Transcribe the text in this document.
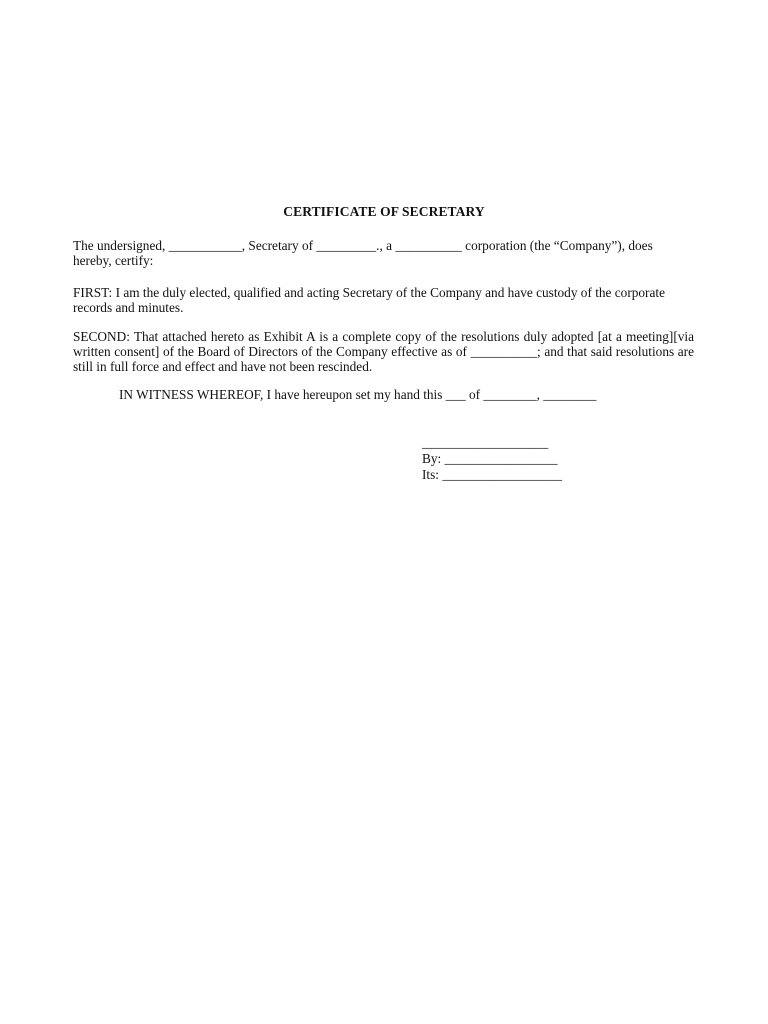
CERTIFICATE OF SECRETARY

The undersigned, ___________, Secretary of _________., a __________ corporation (the “Company”), does hereby, certify:

FIRST: I am the duly elected, qualified and acting Secretary of the Company and have custody of the corporate records and minutes.

SECOND: That attached hereto as Exhibit A is a complete copy of the resolutions duly adopted [at a meeting][via written consent] of the Board of Directors of the Company effective as of __________; and that said resolutions are still in full force and effect and have not been rescinded.

IN WITNESS WHEREOF, I have hereupon set my hand this ___ of ________, ________
___________________
By: _________________
Its: __________________
